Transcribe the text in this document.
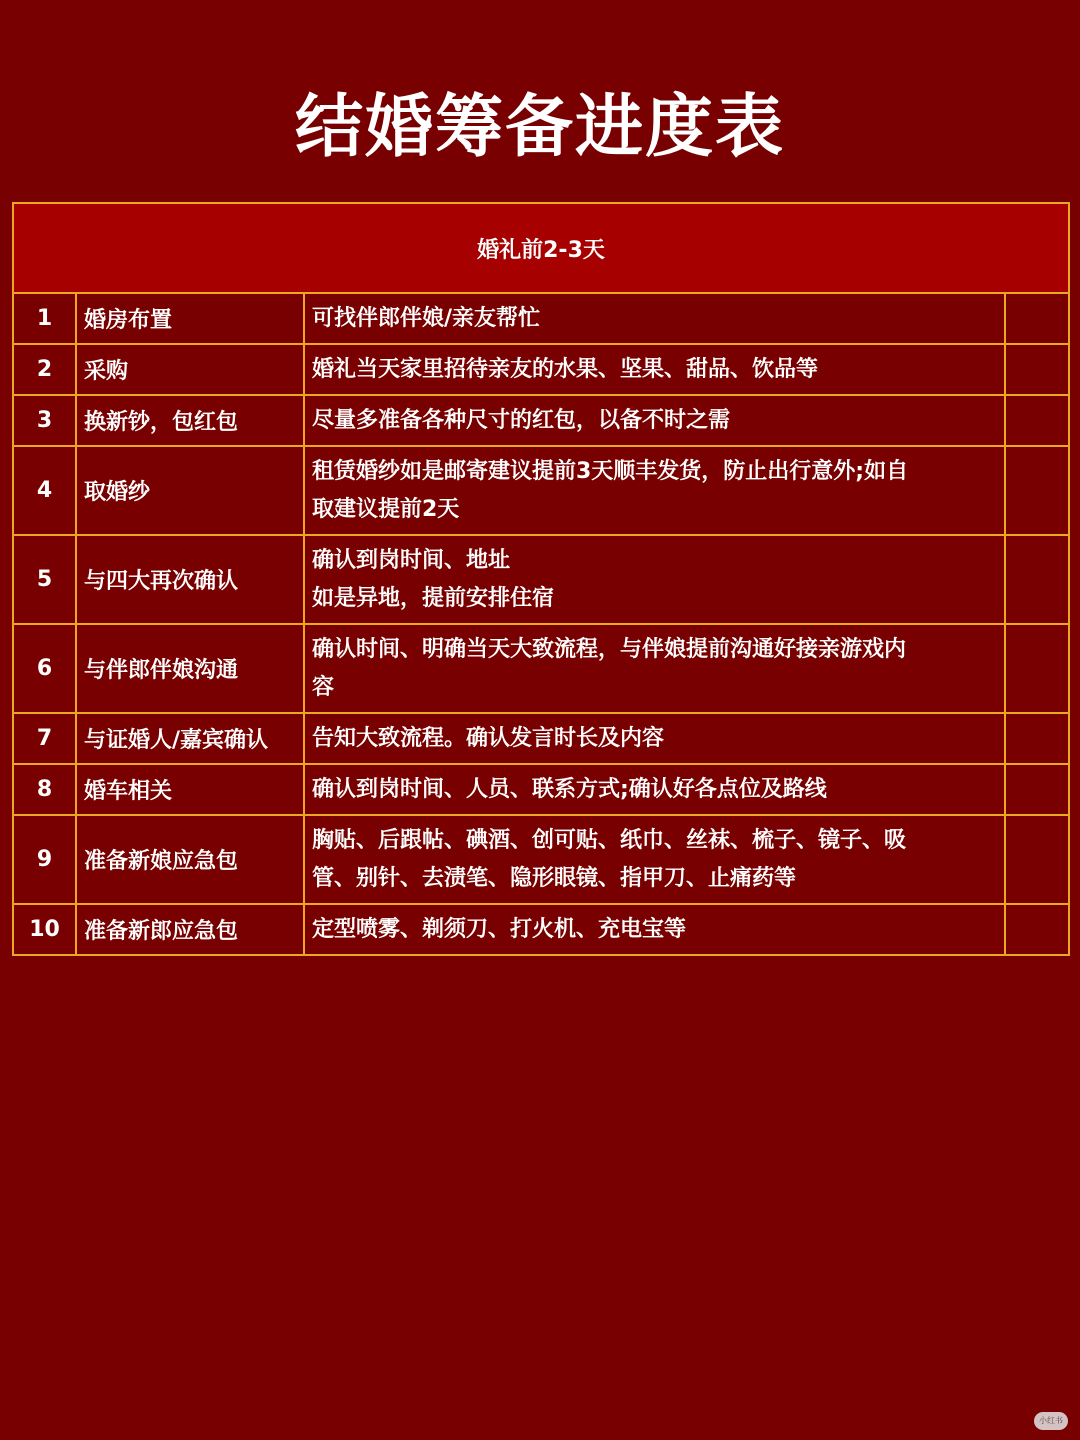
结婚筹备进度表
婚礼前2-3天			
1	婚房布置	可找伴郎伴娘/亲友帮忙	

2	采购	婚礼当天家里招待亲友的水果、坚果、甜品、饮品等	

3	换新钞，包红包	尽量多准备各种尺寸的红包，以备不时之需	

4	取婚纱	租赁婚纱如是邮寄建议提前3天顺丰发货，防止出行意外;如自
取建议提前2天	

5	与四大再次确认	确认到岗时间、地址
如是异地，提前安排住宿	

6	与伴郎伴娘沟通	确认时间、明确当天大致流程，与伴娘提前沟通好接亲游戏内
容	

7	与证婚人/嘉宾确认	告知大致流程。确认发言时长及内容	

8	婚车相关	确认到岗时间、人员、联系方式;确认好各点位及路线	

9	准备新娘应急包	胸贴、后跟帖、碘酒、创可贴、纸巾、丝袜、梳子、镜子、吸
管、别针、去渍笔、隐形眼镜、指甲刀、止痛药等	

10	准备新郎应急包	定型喷雾、剃须刀、打火机、充电宝等	

小红书
